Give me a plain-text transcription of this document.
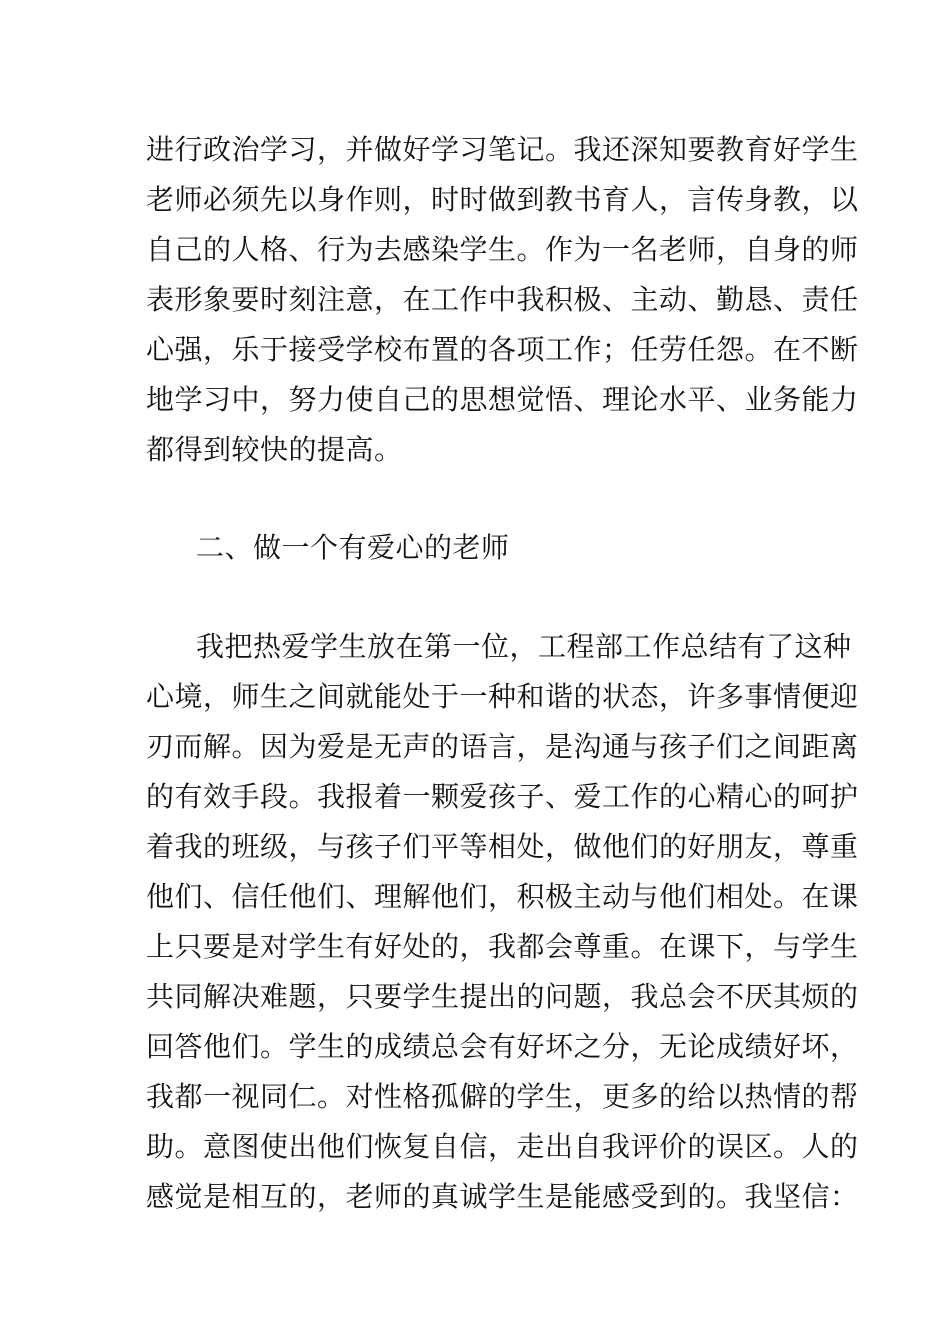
进行政治学习，并做好学习笔记。我还深知要教育好学生
老师必须先以身作则，时时做到教书育人，言传身教，以
自己的人格、行为去感染学生。作为一名老师，自身的师
表形象要时刻注意，在工作中我积极、主动、勤恳、责任
心强，乐于接受学校布置的各项工作；任劳任怨。在不断
地学习中，努力使自己的思想觉悟、理论水平、业务能力
都得到较快的提高。
二、做一个有爱心的老师
我把热爱学生放在第一位，工程部工作总结有了这种
心境，师生之间就能处于一种和谐的状态，许多事情便迎
刃而解。因为爱是无声的语言，是沟通与孩子们之间距离
的有效手段。我报着一颗爱孩子、爱工作的心精心的呵护
着我的班级，与孩子们平等相处，做他们的好朋友，尊重
他们、信任他们、理解他们，积极主动与他们相处。在课
上只要是对学生有好处的，我都会尊重。在课下，与学生
共同解决难题，只要学生提出的问题，我总会不厌其烦的
回答他们。学生的成绩总会有好坏之分，无论成绩好坏，
我都一视同仁。对性格孤僻的学生，更多的给以热情的帮
助。意图使出他们恢复自信，走出自我评价的误区。人的
感觉是相互的，老师的真诚学生是能感受到的。我坚信：
